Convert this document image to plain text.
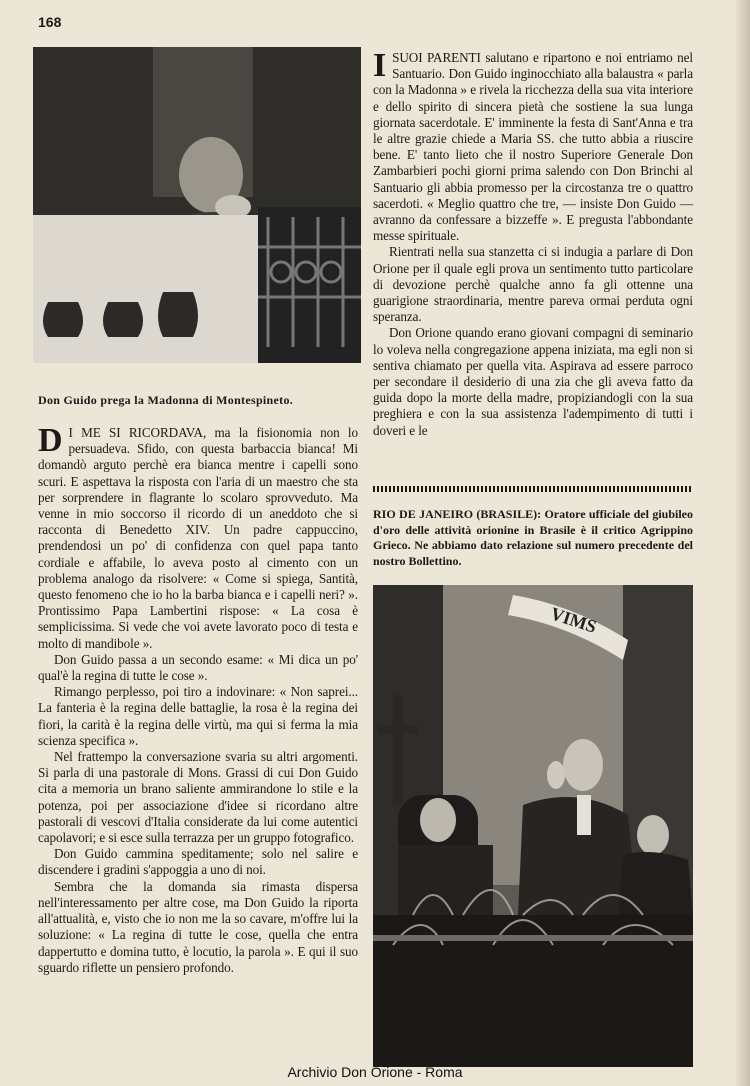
168
Don Guido prega la Madonna di Montespineto.

D I ME SI RICORDAVA, ma la fisionomia non lo persuadeva. Sfido, con questa barbaccia bianca! Mi domandò arguto perchè era bianca mentre i capelli sono scuri. E aspettava la risposta con l'aria di un maestro che sta per sorprendere in flagrante lo scolaro sprovveduto. Ma venne in mio soccorso il ricordo di un aneddoto che si racconta di Benedetto XIV. Un padre cappuccino, prendendosi un po' di confidenza con quel papa tanto cordiale e affabile, lo aveva posto al cimento con un problema analogo da risolvere: « Come si spiega, Santità, questo fenomeno che io ho la barba bianca e i capelli neri? ». Prontissimo Papa Lambertini rispose: « La cosa è semplicissima. Si vede che voi avete lavorato poco di testa e molto di mandibole ».

Don Guido passa a un secondo esame: « Mi dica un po' qual'è la regina di tutte le cose ».

Rimango perplesso, poi tiro a indovinare: « Non saprei... La fanteria è la regina delle battaglie, la rosa è la regina dei fiori, la carità è la regina delle virtù, ma qui si ferma la mia scienza specifica ».

Nel frattempo la conversazione svaria su altri argomenti. Si parla di una pastorale di Mons. Grassi di cui Don Guido cita a memoria un brano saliente ammirandone lo stile e la potenza, poi per associazione d'idee si ricordano altre pastorali di vescovi d'Italia considerate da lui come autentici capolavori; e si esce sulla terrazza per un gruppo fotografico.

Don Guido cammina speditamente; solo nel salire e discendere i gradini s'appoggia a uno di noi.

Sembra che la domanda sia rimasta dispersa nell'interessamento per altre cose, ma Don Guido la riporta all'attualità, e, visto che io non me la so cavare, m'offre lui la soluzione: « La regina di tutte le cose, quella che entra dappertutto e domina tutto, è locutio, la parola ». E qui il suo sguardo riflette un pensiero profondo.

ISUOI PARENTI salutano e ripartono e noi entriamo nel Santuario. Don Guido inginocchiato alla balaustra « parla con la Madonna » e rivela la ricchezza della sua vita interiore e dello spirito di sincera pietà che sostiene la sua lunga giornata sacerdotale. E' imminente la festa di Sant'Anna e tra le altre grazie chiede a Maria SS. che tutto abbia a riuscire bene. E' tanto lieto che il nostro Superiore Generale Don Zambarbieri pochi giorni prima salendo con Don Brinchi al Santuario gli abbia promesso per la circostanza tre o quattro sacerdoti. « Meglio quattro che tre, — insiste Don Guido — avranno da confessare a bizzeffe ». E pregusta l'abbondante messe spirituale.

Rientrati nella sua stanzetta ci si indugia a parlare di Don Orione per il quale egli prova un sentimento tutto particolare di devozione perchè qualche anno fa gli ottenne una guarigione straordinaria, mentre pareva ormai perduta ogni speranza.

Don Orione quando erano giovani compagni di seminario lo voleva nella congregazione appena iniziata, ma egli non si sentiva chiamato per quella vita. Aspirava ad essere parroco per secondare il desiderio di una zia che gli aveva fatto da guida dopo la morte della madre, propiziandogli con la sua preghiera e con la sua assistenza l'adempimento di tutti i doveri e le

RIO DE JANEIRO (BRASILE): Oratore ufficiale del giubileo d'oro delle attività orionine in Brasile è il critico Agrippino Grieco. Ne abbiamo dato relazione sul numero precedente del nostro Bollettino.
VIMS
Archivio Don Orione - Roma
